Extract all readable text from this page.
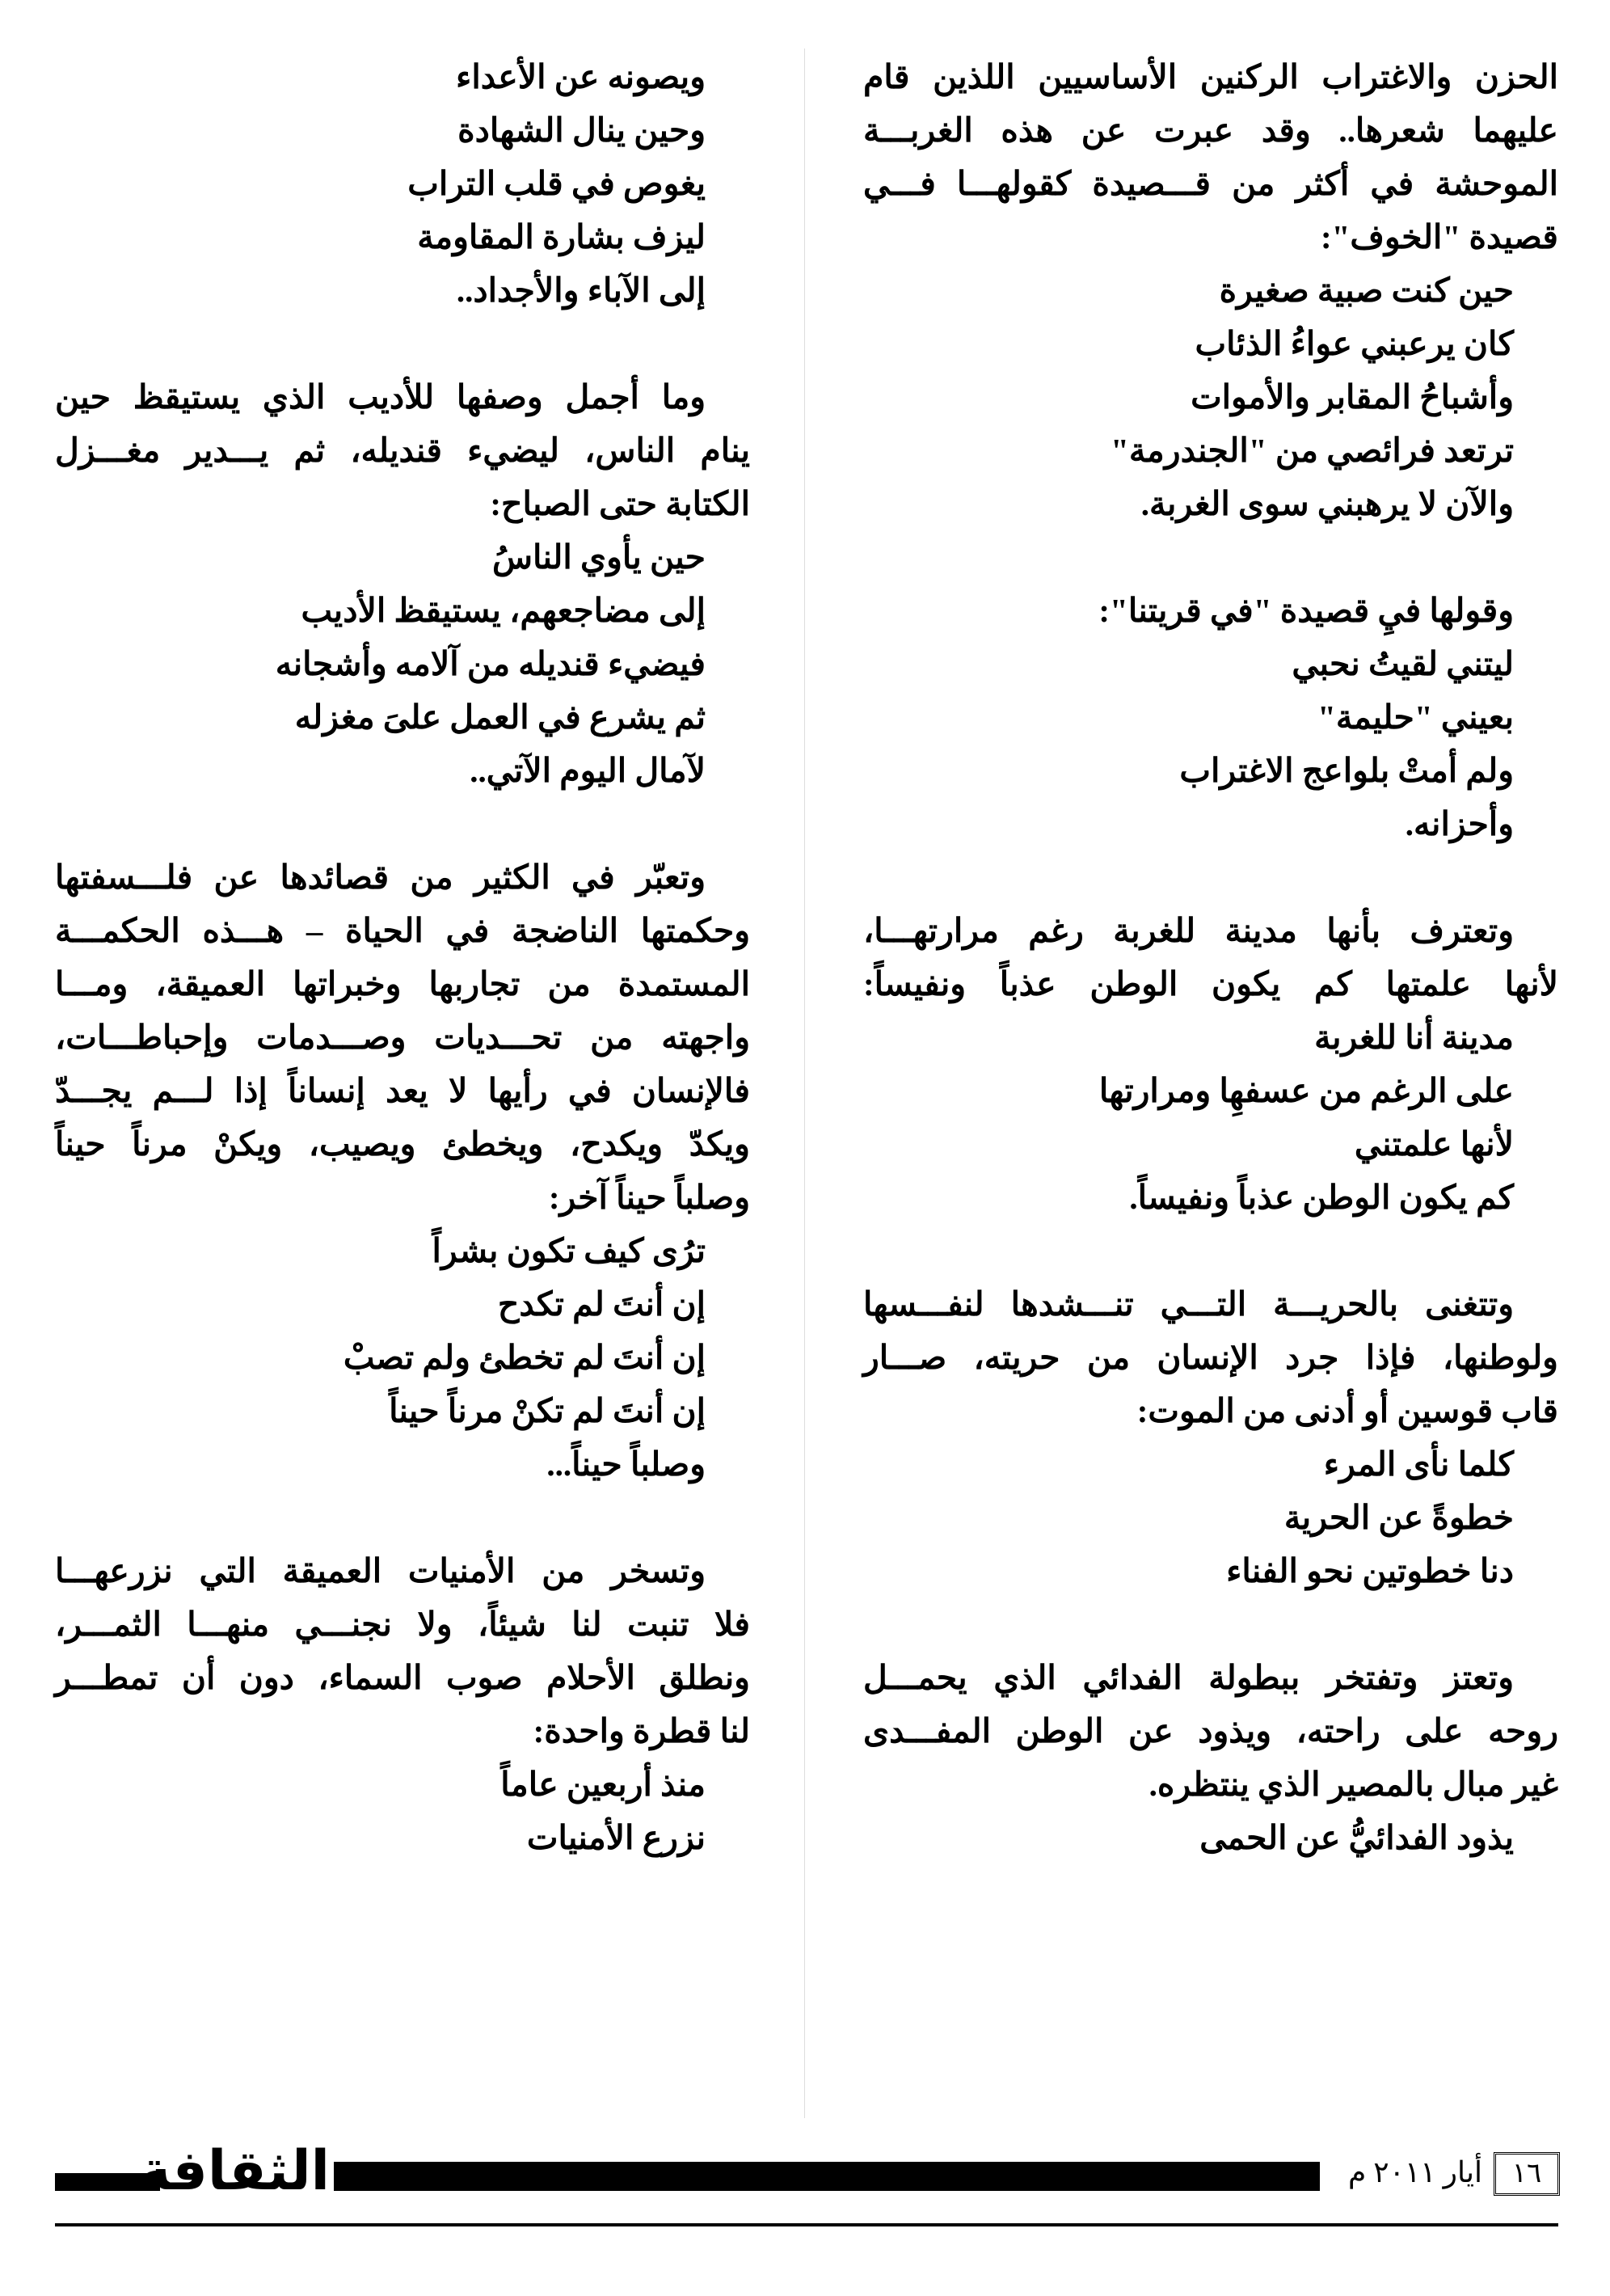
الحزن والاغتراب الركنين الأساسيين اللذين قام
عليهما شعرها.. وقد عبرت عن هذه الغربـــة
الموحشة في أكثر من قـــصيدة كقولهـــا فـــي
قصيدة "الخوف":
حين كنت صبية صغيرة
كان يرعبني عواءُ الذئاب
وأشباحُ المقابر والأموات
ترتعد فرائصي من "الجندرمة"
والآن لا يرهبني سوى الغربة.
وقولها فيِ قصيدة "في قريتنا":
ليتني لقيتُ نحبي
بعيني "حليمة"
ولم أمتْ بلواعج الاغتراب
وأحزانه.
وتعترف بأنها مدينة للغربة رغم مرارتهـــا،
لأنها علمتها كم يكون الوطن عذباً ونفيساً:
مدينة أنا للغربة
على الرغم من عسفهِا ومرارتها
لأنها علمتني
كم يكون الوطن عذباً ونفيساً.
وتتغنى بالحريـــة التـــي تنـــشدها لنفـــسها
ولوطنها، فإذا جرد الإنسان من حريته، صـــار
قاب قوسين أو أدنى من الموت:
كلما نأى المرء
خطوةً عن الحرية
دنا خطوتين نحو الفناء
وتعتز وتفتخر ببطولة الفدائي الذي يحمـــل
روحه على راحته، ويذود عن الوطن المفـــدى
غير مبال بالمصير الذي ينتظره.
يذود الفدائيُّ عن الحمى
ويصونه عن الأعداء
وحين ينال الشهادة
يغوص في قلب التراب
ليزف بشارة المقاومة
إلى الآباء والأجداد..
وما أجمل وصفها للأديب الذي يستيقظ حين
ينام الناس، ليضيء قنديله، ثم يـــدير مغـــزل
الكتابة حتى الصباح:
حين يأوي الناسُ
إلى مضاجعهم، يستيقظ الأديب
فيضيء قنديله من آلامه وأشجانه
ثم يشرع في العمل علىَ مغزله
لآمال اليوم الآتي..
وتعبّر في الكثير من قصائدها عن فلـــسفتها
وحكمتها الناضجة في الحياة – هـــذه الحكمـــة
المستمدة من تجاربها وخبراتها العميقة، ومـــا
واجهته من تحـــديات وصـــدمات وإحباطـــات،
فالإنسان في رأيها لا يعد إنساناً إذا لـــم يجـــدّ
ويكدّ ويكدح، ويخطئ ويصيب، ويكنْ مرناً حيناً
وصلباً حيناً آخر:
ترُى كيف تكون بشراً
إن أنتَ لم تكدح
إن أنتَ لم تخطئ ولم تصبْ
إن أنتَ لم تكنْ مرناً حيناً
وصلباً حيناً...
وتسخر من الأمنيات العميقة التي نزرعهـــا
فلا تنبت لنا شيئاً، ولا نجنـــي منهـــا الثمـــر،
ونطلق الأحلام صوب السماء، دون أن تمطـــر
لنا قطرة واحدة:
منذ أربعين عاماً
نزرع الأمنيات
الثقافة	أيار ٢٠١١ م	١٦
